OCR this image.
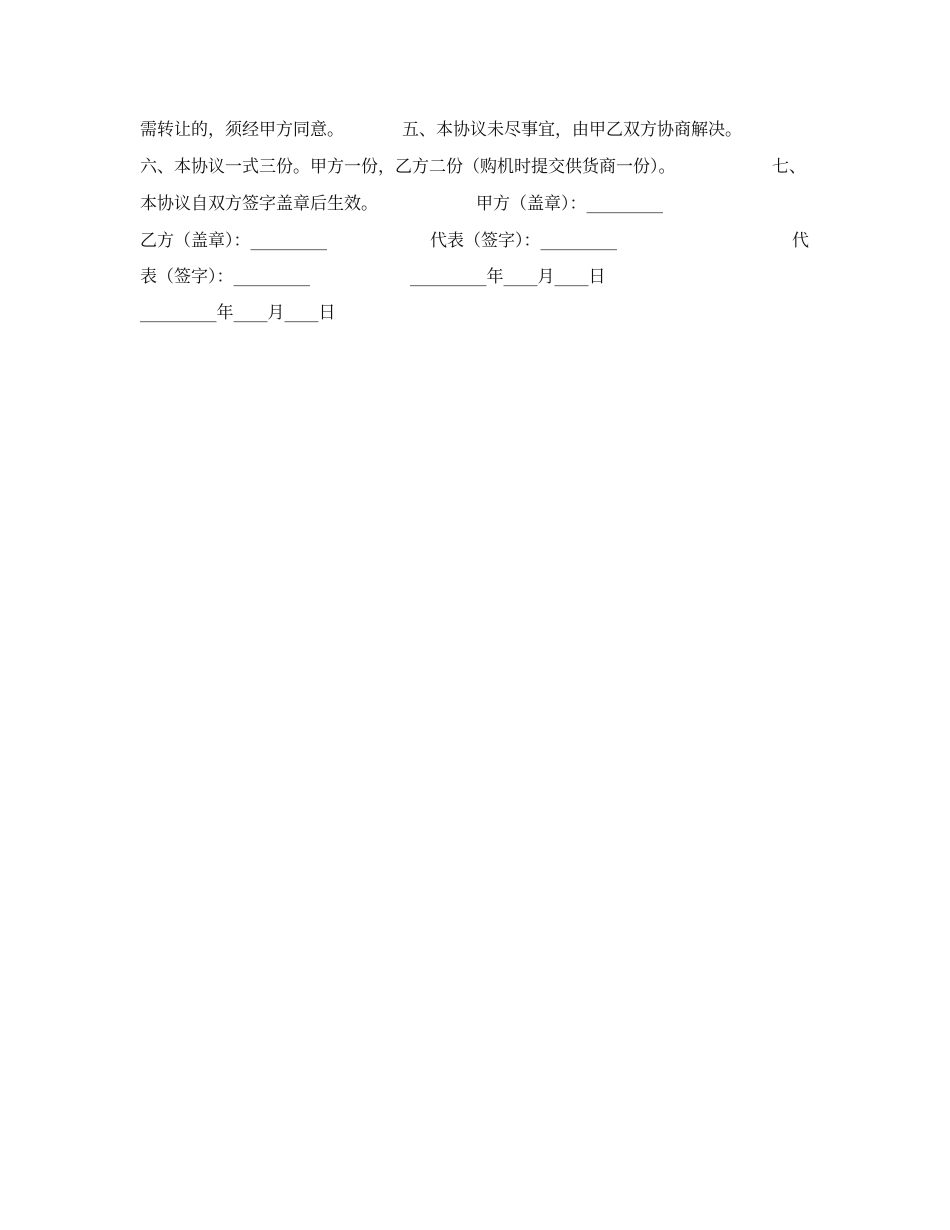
需转让的，须经甲方同意。

	五、本协议未尽事宜，由甲乙双方协商解决。

六、本协议一式三份。甲方一份，乙方二份（购机时提交供货商一份）。

	七、

本协议自双方签字盖章后生效。

	甲方（盖章）：_________

乙方（盖章）：_________

	代表（签字）：_________

	代

表（签字）：_________

	_________年____月____日

_________年____月____日
